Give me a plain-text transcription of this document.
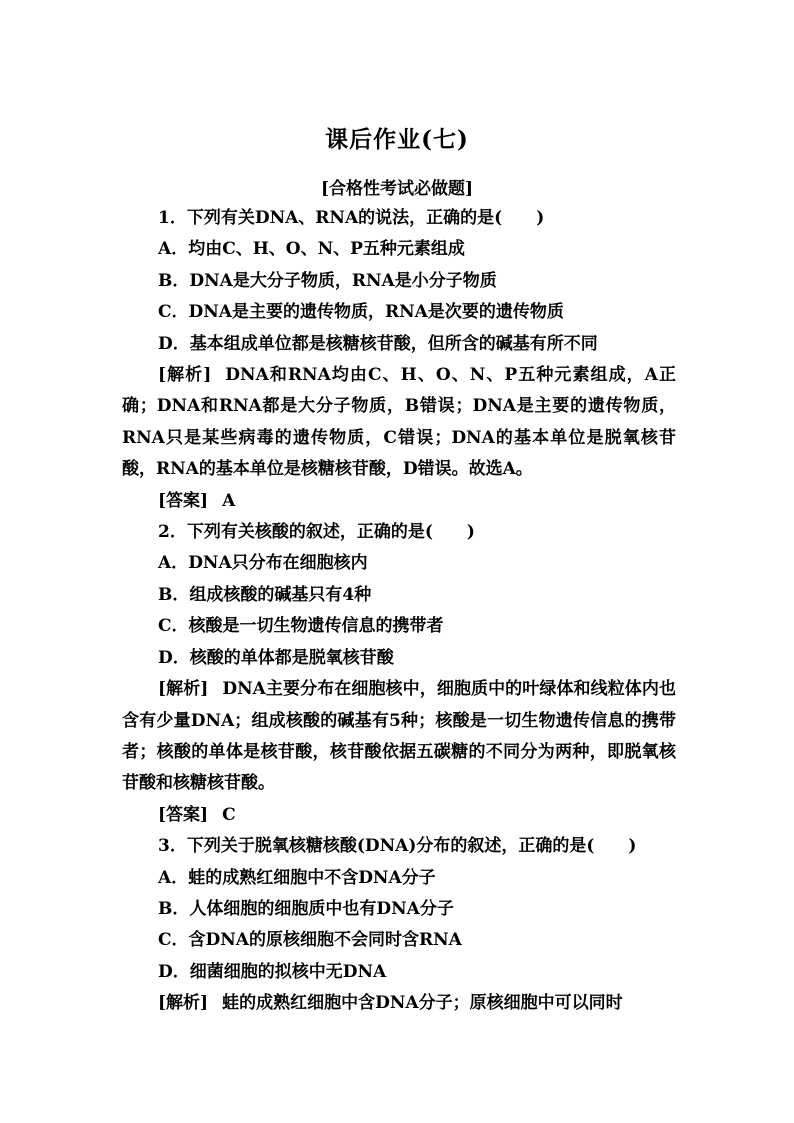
课后作业(七)
[合格性考试必做题]

1．下列有关DNA、RNA的说法，正确的是(　　)

A．均由C、H、O、N、P五种元素组成

B．DNA是大分子物质，RNA是小分子物质

C．DNA是主要的遗传物质，RNA是次要的遗传物质

D．基本组成单位都是核糖核苷酸，但所含的碱基有所不同

[解析] DNA和RNA均由C、H、O、N、P五种元素组成，A正确；DNA和RNA都是大分子物质，B错误；DNA是主要的遗传物质，RNA只是某些病毒的遗传物质，C错误；DNA的基本单位是脱氧核苷酸，RNA的基本单位是核糖核苷酸，D错误。故选A。

[答案] A

2．下列有关核酸的叙述，正确的是(　　)

A．DNA只分布在细胞核内

B．组成核酸的碱基只有4种

C．核酸是一切生物遗传信息的携带者

D．核酸的单体都是脱氧核苷酸

[解析] DNA主要分布在细胞核中，细胞质中的叶绿体和线粒体内也含有少量DNA；组成核酸的碱基有5种；核酸是一切生物遗传信息的携带者；核酸的单体是核苷酸，核苷酸依据五碳糖的不同分为两种，即脱氧核苷酸和核糖核苷酸。

[答案] C

3．下列关于脱氧核糖核酸(DNA)分布的叙述，正确的是(　　)

A．蛙的成熟红细胞中不含DNA分子

B．人体细胞的细胞质中也有DNA分子

C．含DNA的原核细胞不会同时含RNA

D．细菌细胞的拟核中无DNA

[解析] 蛙的成熟红细胞中含DNA分子；原核细胞中可以同时
